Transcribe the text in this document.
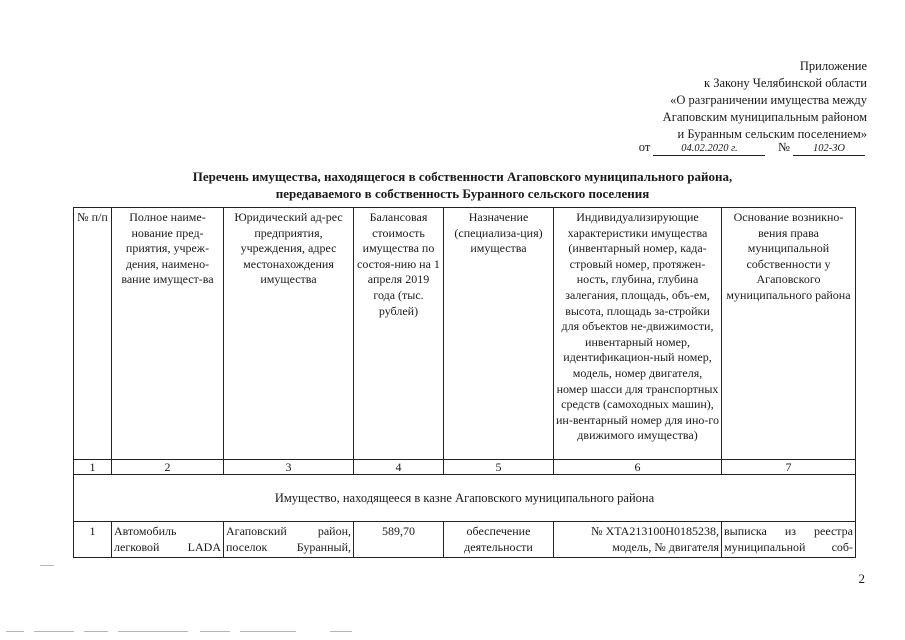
Приложение
к Закону Челябинской области
«О разграничении имущества между
Агаповским муниципальным районом
и Буранным сельским поселением»
от	04.02.2020 г.	№ 102-ЗО
Перечень имущества, находящегося в собственности Агаповского муниципального района,
передаваемого в собственность Буранного сельского поселения
№ п/п	Полное наиме-нование пред-приятия, учреж-дения, наимено-вание имущест-ва	Юридический ад-рес предприятия, учреждения, адрес местонахождения имущества	Балансовая стоимость имущества по состоя-нию на 1 апреля 2019 года (тыс. рублей)	Назначение (специализа-ция) имущества	Индивидуализирующие характеристики имущества (инвентарный номер, када-стровый номер, протяжен-ность, глубина, глубина залегания, площадь, объ-ем, высота, площадь за-стройки для объектов не-движимости, инвентарный номер, идентификацион-ный номер, модель, номер двигателя, номер шасси для транспортных средств (самоходных машин), ин-вентарный номер для ино-го движимого имущества)	Основание возникно-вения права муниципальной собственности у Агаповского муниципального района
1	2	3	4	5	6	7
Имущество, находящееся в казне Агаповского муниципального района						
1	Автомобиль легковой LADA	Агаповский район, поселок Буранный,	589,70	обеспечение деятельности	№ XTA213100H0185238, модель, № двигателя	выписка из реестра муниципальной соб-
2
